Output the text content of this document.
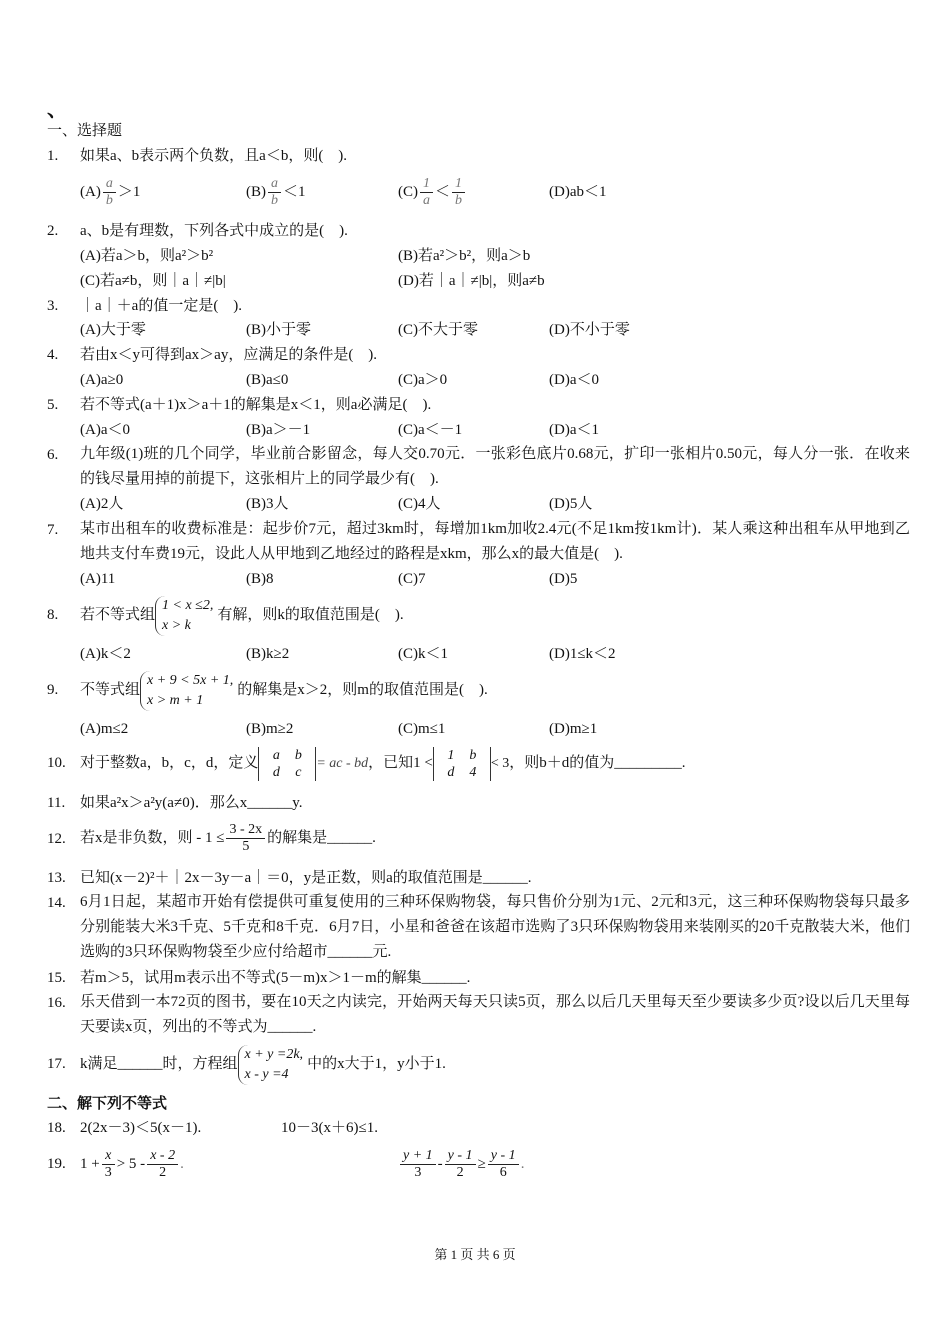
、
一、选择题
1. 如果a、b表示两个负数，且a＜b，则(　).
$(A) \frac{a}{b} >1$	$(B) \frac{a}{b} <1$	$(C) \frac{1}{a} < \frac{1}{b}$	(D)ab＜1
2. a、b是有理数，下列各式中成立的是(　).
(A)若a＞b，则a²＞b²	(B)若a²＞b²，则a＞b
(C)若a≠b，则｜a｜≠|b|	(D)若｜a｜≠|b|，则a≠b
3. ｜a｜＋a的值一定是(　).
(A)大于零	(B)小于零	(C)不大于零	(D)不小于零
4. 若由x＜y可得到ax＞ay，应满足的条件是(　).
(A)a≥0	(B)a≤0	(C)a＞0	(D)a＜0
5. 若不等式(a＋1)x＞a＋1的解集是x＜1，则a必满足(　).
(A)a＜0	(B)a＞－1	(C)a＜－1	(D)a＜1
6. 九年级(1)班的几个同学，毕业前合影留念，每人交0.70元．一张彩色底片0.68元，扩印一张相片0.50元，每人分一张．在收来的钱尽量用掉的前提下，这张相片上的同学最少有(　).
(A)2人	(B)3人	(C)4人	(D)5人
7. 某市出租车的收费标准是：起步价7元，超过3km时，每增加1km加收2.4元(不足1km按1km计)．某人乘这种出租车从甲地到乙地共支付车费19元，设此人从甲地到乙地经过的路程是xkm，那么x的最大值是(　).
(A)11	(B)8	(C)7	(D)5
8. 若不等式组
1 < x ≤2,
x > k
有解，则k的取值范围是(　).
(A)k＜2	(B)k≥2	(C)k＜1	(D)1≤k＜2
9. 不等式组
x + 9 < 5x + 1,
x > m + 1
的解集是x＞2，则m的取值范围是(　).
(A)m≤2	(B)m≥2	(C)m≤1	(D)m≥1
10. 对于整数a，b，c，d，定义 a b
d c= ac - bd，已知1 < 1 b
d 4< 3，则b＋d的值为_________.
11. 如果a²x＞a²y(a≠0)．那么x______y.
12. 若x是非负数，则 - $1 \le \frac{3 - 2x}{5}$ 的解集是______.
13. 已知(x－2)²＋｜2x－3y－a｜＝0，y是正数，则a的取值范围是______.
14. 6月1日起，某超市开始有偿提供可重复使用的三种环保购物袋，每只售价分别为1元、2元和3元，这三种环保购物袋每只最多分别能装大米3千克、5千克和8千克．6月7日，小星和爸爸在该超市选购了3只环保购物袋用来装刚买的20千克散装大米，他们选购的3只环保购物袋至少应付给超市______元.
15. 若m＞5，试用m表示出不等式(5－m)x＞1－m的解集______.
16. 乐天借到一本72页的图书，要在10天之内读完，开始两天每天只读5页，那么以后几天里每天至少要读多少页?设以后几天里每天要读x页，列出的不等式为______.
17. k满足______时，方程组
x + y =2k,
x - y =4
中的x大于1，y小于1.
二、解下列不等式
18. 2(2x－3)＜5(x－1).	10－3(x＋6)≤1.
19. $1 + \frac{x}{3} > 5 - \frac{x - 2}{2}$ .	$\frac{y + 1}{3} - \frac{y - 1}{2} \ge \frac{y - 1}{6}$ .
第 1 页 共 6 页
